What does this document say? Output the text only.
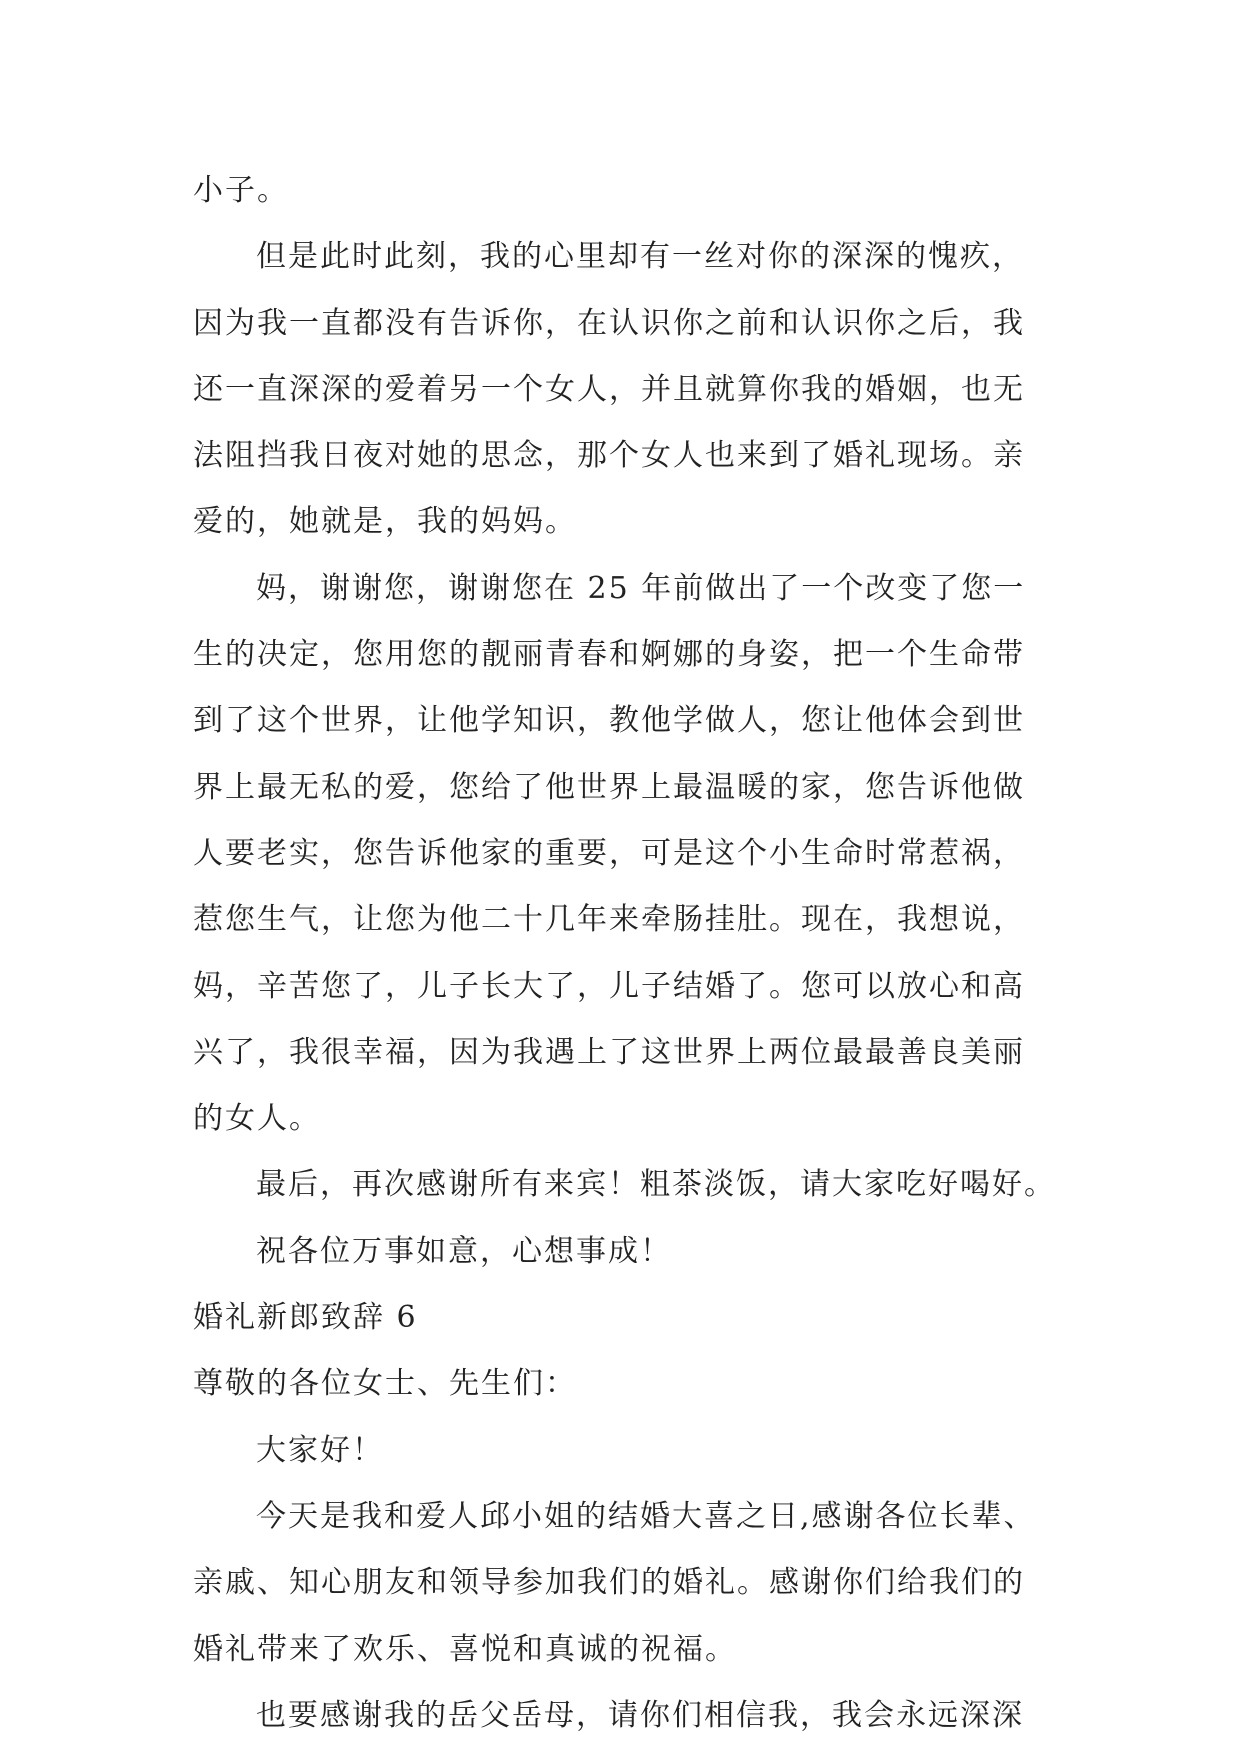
小子。
但是此时此刻，我的心里却有一丝对你的深深的愧疚，
因为我一直都没有告诉你，在认识你之前和认识你之后，我
还一直深深的爱着另一个女人，并且就算你我的婚姻，也无
法阻挡我日夜对她的思念，那个女人也来到了婚礼现场。亲
爱的，她就是，我的妈妈。
妈，谢谢您，谢谢您在 25 年前做出了一个改变了您一
生的决定，您用您的靓丽青春和婀娜的身姿，把一个生命带
到了这个世界，让他学知识，教他学做人，您让他体会到世
界上最无私的爱，您给了他世界上最温暖的家，您告诉他做
人要老实，您告诉他家的重要，可是这个小生命时常惹祸，
惹您生气，让您为他二十几年来牵肠挂肚。现在，我想说，
妈，辛苦您了，儿子长大了，儿子结婚了。您可以放心和高
兴了，我很幸福，因为我遇上了这世界上两位最最善良美丽
的女人。
最后，再次感谢所有来宾！粗茶淡饭，请大家吃好喝好。
祝各位万事如意，心想事成！
婚礼新郎致辞 6
尊敬的各位女士、先生们：
大家好！
今天是我和爱人邱小姐的结婚大喜之日,感谢各位长辈、
亲戚、知心朋友和领导参加我们的婚礼。感谢你们给我们的
婚礼带来了欢乐、喜悦和真诚的祝福。
也要感谢我的岳父岳母，请你们相信我，我会永远深深
